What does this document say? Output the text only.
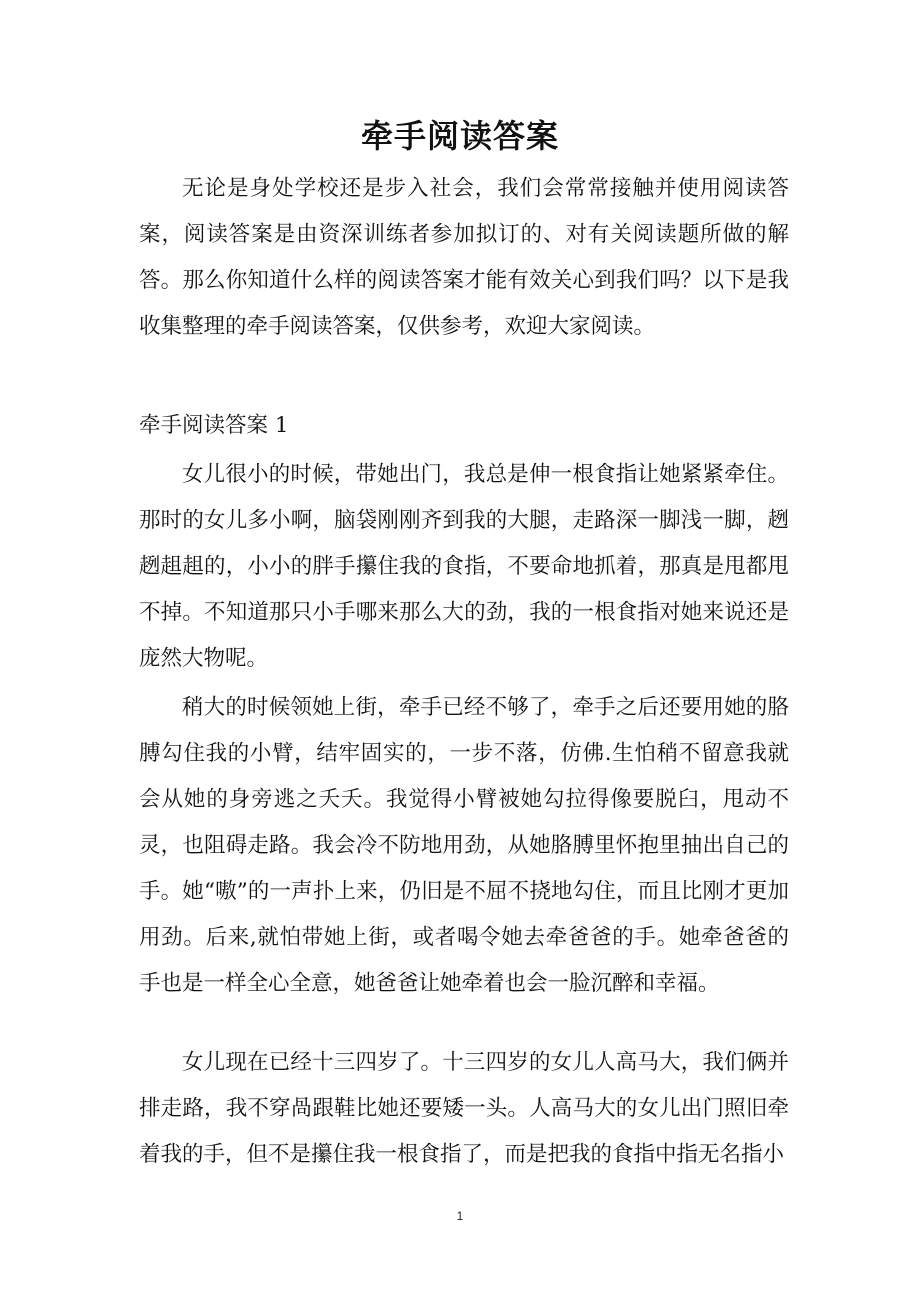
牵手阅读答案

无论是身处学校还是步入社会，我们会常常接触并使用阅读答案，阅读答案是由资深训练者参加拟订的、对有关阅读题所做的解答。那么你知道什么样的阅读答案才能有效关心到我们吗？以下是我收集整理的牵手阅读答案，仅供参考，欢迎大家阅读。

牵手阅读答案 1

女儿很小的时候，带她出门，我总是伸一根食指让她紧紧牵住。那时的女儿多小啊，脑袋刚刚齐到我的大腿，走路深一脚浅一脚，趔趔趄趄的，小小的胖手攥住我的食指，不要命地抓着，那真是甩都甩不掉。不知道那只小手哪来那么大的劲，我的一根食指对她来说还是庞然大物呢。

稍大的时候领她上街，牵手已经不够了，牵手之后还要用她的胳膊勾住我的小臂，结牢固实的，一步不落，仿佛.生怕稍不留意我就会从她的身旁逃之夭夭。我觉得小臂被她勾拉得像要脱臼，甩动不灵，也阻碍走路。我会冷不防地用劲，从她胳膊里怀抱里抽出自己的手。她“嗷”的一声扑上来，仍旧是不屈不挠地勾住，而且比刚才更加用劲。后来,就怕带她上街，或者喝令她去牵爸爸的手。她牵爸爸的手也是一样全心全意，她爸爸让她牵着也会一脸沉醉和幸福。

女儿现在已经十三四岁了。十三四岁的女儿人高马大，我们俩并排走路，我不穿咼跟鞋比她还要矮一头。人高马大的女儿出门照旧牵着我的手，但不是攥住我一根食指了，而是把我的食指中指无名指小

1
